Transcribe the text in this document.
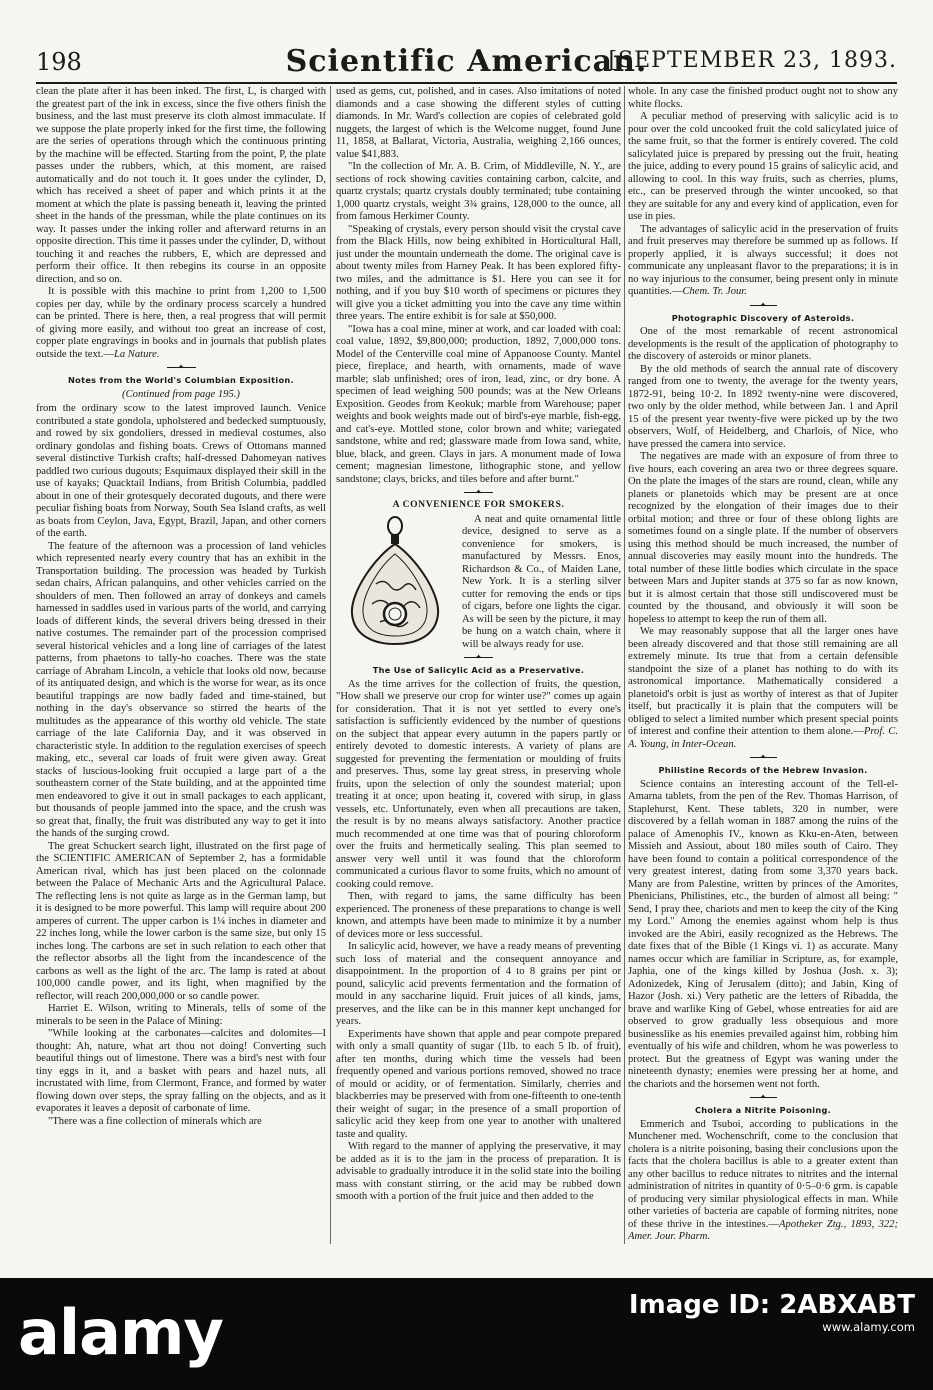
198	Scientific American.
[SEPTEMBER 23, 1893.

clean the plate after it has been inked. The first, L, is charged with the greatest part of the ink in excess, since the five others finish the business, and the last must preserve its cloth almost immaculate. If we suppose the plate properly inked for the first time, the following are the series of operations through which the continuous printing by the machine will be effected. Starting from the point, P, the plate passes under the rubbers, which, at this moment, are raised automatically and do not touch it. It goes under the cylinder, D, which has received a sheet of paper and which prints it at the moment at which the plate is passing beneath it, leaving the printed sheet in the hands of the pressman, while the plate continues on its way. It passes under the inking roller and afterward returns in an opposite direction. This time it passes under the cylinder, D, without touching it and reaches the rubbers, E, which are depressed and perform their office. It then rebegins its course in an opposite direction, and so on.

It is possible with this machine to print from 1,200 to 1,500 copies per day, while by the ordinary process scarcely a hundred can be printed. There is here, then, a real progress that will permit of giving more easily, and without too great an increase of cost, copper plate engravings in books and in journals that publish plates outside the text.—La Nature.

✦
Notes from the World's Columbian Exposition.
(Continued from page 195.)

from the ordinary scow to the latest improved launch. Venice contributed a state gondola, upholstered and bedecked sumptuously, and rowed by six gondoliers, dressed in medieval costumes, also ordinary gondolas and fishing boats. Crews of Ottomans manned several distinctive Turkish crafts; half-dressed Dahomeyan natives paddled two curious dugouts; Esquimaux displayed their skill in the use of kayaks; Quacktail Indians, from British Columbia, paddled about in one of their grotesquely decorated dugouts, and there were peculiar fishing boats from Norway, South Sea Island crafts, as well as boats from Ceylon, Java, Egypt, Brazil, Japan, and other corners of the earth.

The feature of the afternoon was a procession of land vehicles which represented nearly every country that has an exhibit in the Transportation building. The procession was headed by Turkish sedan chairs, African palanquins, and other vehicles carried on the shoulders of men. Then followed an array of donkeys and camels harnessed in saddles used in various parts of the world, and carrying loads of different kinds, the several drivers being dressed in their native costumes. The remainder part of the procession comprised several historical vehicles and a long line of carriages of the latest patterns, from phaetons to tally-ho coaches. There was the state carriage of Abraham Lincoln, a vehicle that looks old now, because of its antiquated design, and which is the worse for wear, as its once beautiful trappings are now badly faded and time-stained, but nothing in the day's observance so stirred the hearts of the multitudes as the appearance of this worthy old vehicle. The state carriage of the late California Day, and it was observed in characteristic style. In addition to the regulation exercises of speech making, etc., several car loads of fruit were given away. Great stacks of luscious-looking fruit occupied a large part of a the southeastern corner of the State building, and at the appointed time men endeavored to give it out in small packages to each applicant, but thousands of people jammed into the space, and the crush was so great that, finally, the fruit was distributed any way to get it into the hands of the surging crowd.

The great Schuckert search light, illustrated on the first page of the SCIENTIFIC AMERICAN of September 2, has a formidable American rival, which has just been placed on the colonnade between the Palace of Mechanic Arts and the Agricultural Palace. The reflecting lens is not quite as large as in the German lamp, but it is designed to be more powerful. This lamp will require about 200 amperes of current. The upper carbon is 1¼ inches in diameter and 22 inches long, while the lower carbon is the same size, but only 15 inches long. The carbons are set in such relation to each other that the reflector absorbs all the light from the incandescence of the carbons as well as the light of the arc. The lamp is rated at about 100,000 candle power, and its light, when magnified by the reflector, will reach 200,000,000 or so candle power.

Harriet E. Wilson, writing to Minerals, tells of some of the minerals to be seen in the Palace of Mining:

"While looking at the carbonates—calcites and dolomites—I thought: Ah, nature, what art thou not doing! Converting such beautiful things out of limestone. There was a bird's nest with four tiny eggs in it, and a basket with pears and hazel nuts, all incrustated with lime, from Clermont, France, and formed by water flowing down over steps, the spray falling on the objects, and as it evaporates it leaves a deposit of carbonate of lime.

"There was a fine collection of minerals which are

used as gems, cut, polished, and in cases. Also imitations of noted diamonds and a case showing the different styles of cutting diamonds. In Mr. Ward's collection are copies of celebrated gold nuggets, the largest of which is the Welcome nugget, found June 11, 1858, at Ballarat, Victoria, Australia, weighing 2,166 ounces, value $41,883.

"In the collection of Mr. A. B. Crim, of Middleville, N. Y., are sections of rock showing cavities containing carbon, calcite, and quartz crystals; quartz crystals doubly terminated; tube containing 1,000 quartz crystals, weight 3¾ grains, 128,000 to the ounce, all from famous Herkimer County.

"Speaking of crystals, every person should visit the crystal cave from the Black Hills, now being exhibited in Horticultural Hall, just under the mountain underneath the dome. The original cave is about twenty miles from Harney Peak. It has been explored fifty-two miles, and the admittance is $1. Here you can see it for nothing, and if you buy $10 worth of specimens or pictures they will give you a ticket admitting you into the cave any time within three years. The entire exhibit is for sale at $50,000.

"Iowa has a coal mine, miner at work, and car loaded with coal: coal value, 1892, $9,800,000; production, 1892, 7,000,000 tons. Model of the Centerville coal mine of Appanoose County. Mantel piece, fireplace, and hearth, with ornaments, made of wave marble; slab unfinished; ores of iron, lead, zinc, or dry bone. A specimen of lead weighing 500 pounds; was at the New Orleans Exposition. Geodes from Keokuk; marble from Warehouse; paper weights and book weights made out of bird's-eye marble, fish-egg, and cat's-eye. Mottled stone, color brown and white; variegated sandstone, white and red; glassware made from Iowa sand, white, blue, black, and green. Clays in jars. A monument made of Iowa cement; magnesian limestone, lithographic stone, and yellow sandstone; clays, bricks, and tiles before and after burnt."

✦
A CONVENIENCE FOR SMOKERS.

A neat and quite ornamental little device, designed to serve as a convenience for smokers, is manufactured by Messrs. Enos, Richardson & Co., of Maiden Lane, New York. It is a sterling silver cutter for removing the ends or tips of cigars, before one lights the cigar. As will be seen by the picture, it may be hung on a watch chain, where it will be always ready for use.

✦
The Use of Salicylic Acid as a Preservative.

As the time arrives for the collection of fruits, the question, "How shall we preserve our crop for winter use?" comes up again for consideration. That it is not yet settled to every one's satisfaction is sufficiently evidenced by the number of questions on the subject that appear every autumn in the papers partly or entirely devoted to domestic interests. A variety of plans are suggested for preventing the fermentation or moulding of fruits and preserves. Thus, some lay great stress, in preserving whole fruits, upon the selection of only the soundest material; upon treating it at once; upon heating it, covered with sirup, in glass vessels, etc. Unfortunately, even when all precautions are taken, the result is by no means always satisfactory. Another practice much recommended at one time was that of pouring chloroform over the fruits and hermetically sealing. This plan seemed to answer very well until it was found that the chloroform communicated a curious flavor to some fruits, which no amount of cooking could remove.

Then, with regard to jams, the same difficulty has been experienced. The proneness of these preparations to change is well known, and attempts have been made to minimize it by a number of devices more or less successful.

In salicylic acid, however, we have a ready means of preventing such loss of material and the consequent annoyance and disappointment. In the proportion of 4 to 8 grains per pint or pound, salicylic acid prevents fermentation and the formation of mould in any saccharine liquid. Fruit juices of all kinds, jams, preserves, and the like can be in this manner kept unchanged for years.

Experiments have shown that apple and pear compote prepared with only a small quantity of sugar (1lb. to each 5 lb. of fruit), after ten months, during which time the vessels had been frequently opened and various portions removed, showed no trace of mould or acidity, or of fermentation. Similarly, cherries and blackberries may be preserved with from one-fifteenth to one-tenth their weight of sugar; in the presence of a small proportion of salicylic acid they keep from one year to another with unaltered taste and quality.

With regard to the manner of applying the preservative, it may be added as it is to the jam in the process of preparation. It is advisable to gradually introduce it in the solid state into the boiling mass with constant stirring, or the acid may be rubbed down smooth with a portion of the fruit juice and then added to the

whole. In any case the finished product ought not to show any white flocks.

A peculiar method of preserving with salicylic acid is to pour over the cold uncooked fruit the cold salicylated juice of the same fruit, so that the former is entirely covered. The cold salicylated juice is prepared by pressing out the fruit, heating the juice, adding to every pound 15 grains of salicylic acid, and allowing to cool. In this way fruits, such as cherries, plums, etc., can be preserved through the winter uncooked, so that they are suitable for any and every kind of application, even for use in pies.

The advantages of salicylic acid in the preservation of fruits and fruit preserves may therefore be summed up as follows. If properly applied, it is always successful; it does not communicate any unpleasant flavor to the preparations; it is in no way injurious to the consumer, being present only in minute quantities.—Chem. Tr. Jour.

✦
Photographic Discovery of Asteroids.

One of the most remarkable of recent astronomical developments is the result of the application of photography to the discovery of asteroids or minor planets.

By the old methods of search the annual rate of discovery ranged from one to twenty, the average for the twenty years, 1872-91, being 10·2. In 1892 twenty-nine were discovered, two only by the older method, while between Jan. 1 and April 15 of the present year twenty-five were picked up by the two observers, Wolf, of Heidelberg, and Charlois, of Nice, who have pressed the camera into service.

The negatives are made with an exposure of from three to five hours, each covering an area two or three degrees square. On the plate the images of the stars are round, clean, while any planets or planetoids which may be present are at once recognized by the elongation of their images due to their orbital motion; and three or four of these oblong lights are sometimes found on a single plate. If the number of observers using this method should be much increased, the number of annual discoveries may easily mount into the hundreds. The total number of these little bodies which circulate in the space between Mars and Jupiter stands at 375 so far as now known, but it is almost certain that those still undiscovered must be counted by the thousand, and obviously it will soon be hopeless to attempt to keep the run of them all.

We may reasonably suppose that all the larger ones have been already discovered and that those still remaining are all extremely minute. Its true that from a certain defensible standpoint the size of a planet has nothing to do with its astronomical importance. Mathematically considered a planetoid's orbit is just as worthy of interest as that of Jupiter itself, but practically it is plain that the computers will be obliged to select a limited number which present special points of interest and confine their attention to them alone.—Prof. C. A. Young, in Inter-Ocean.

✦
Philistine Records of the Hebrew Invasion.

Science contains an interesting account of the Tell-el-Amarna tablets, from the pen of the Rev. Thomas Harrison, of Staplehurst, Kent. These tablets, 320 in number, were discovered by a fellah woman in 1887 among the ruins of the palace of Amenophis IV., known as Kku-en-Aten, between Missieh and Assiout, about 180 miles south of Cairo. They have been found to contain a political correspondence of the very greatest interest, dating from some 3,370 years back. Many are from Palestine, written by princes of the Amorites, Phenicians, Philistines, etc., the burden of almost all being: " Send, I pray thee, chariots and men to keep the city of the King my Lord." Among the enemies against whom help is thus invoked are the Abiri, easily recognized as the Hebrews. The date fixes that of the Bible (1 Kings vi. 1) as accurate. Many names occur which are familiar in Scripture, as, for example, Japhia, one of the kings killed by Joshua (Josh. x. 3); Adonizedek, King of Jerusalem (ditto); and Jabin, King of Hazor (Josh. xi.) Very pathetic are the letters of Ribadda, the brave and warlike King of Gebel, whose entreaties for aid are observed to grow gradually less obsequious and more businesslike as his enemies prevailed against him, robbing him eventually of his wife and children, whom he was powerless to protect. But the greatness of Egypt was waning under the nineteenth dynasty; enemies were pressing her at home, and the chariots and the horsemen went not forth.

✦
Cholera a Nitrite Poisoning.

Emmerich and Tsuboi, according to publications in the Munchener med. Wochenschrift, come to the conclusion that cholera is a nitrite poisoning, basing their conclusions upon the facts that the cholera bacillus is able to a greater extent than any other bacillus to reduce nitrates to nitrites and the internal administration of nitrites in quantity of 0·5–0·6 grm. is capable of producing very similar physiological effects in man. While other varieties of bacteria are capable of forming nitrites, none of these thrive in the intestines.—Apotheker Ztg., 1893, 322; Amer. Jour. Pharm.

alamy	Image ID: 2ABXABT
www.alamy.com
